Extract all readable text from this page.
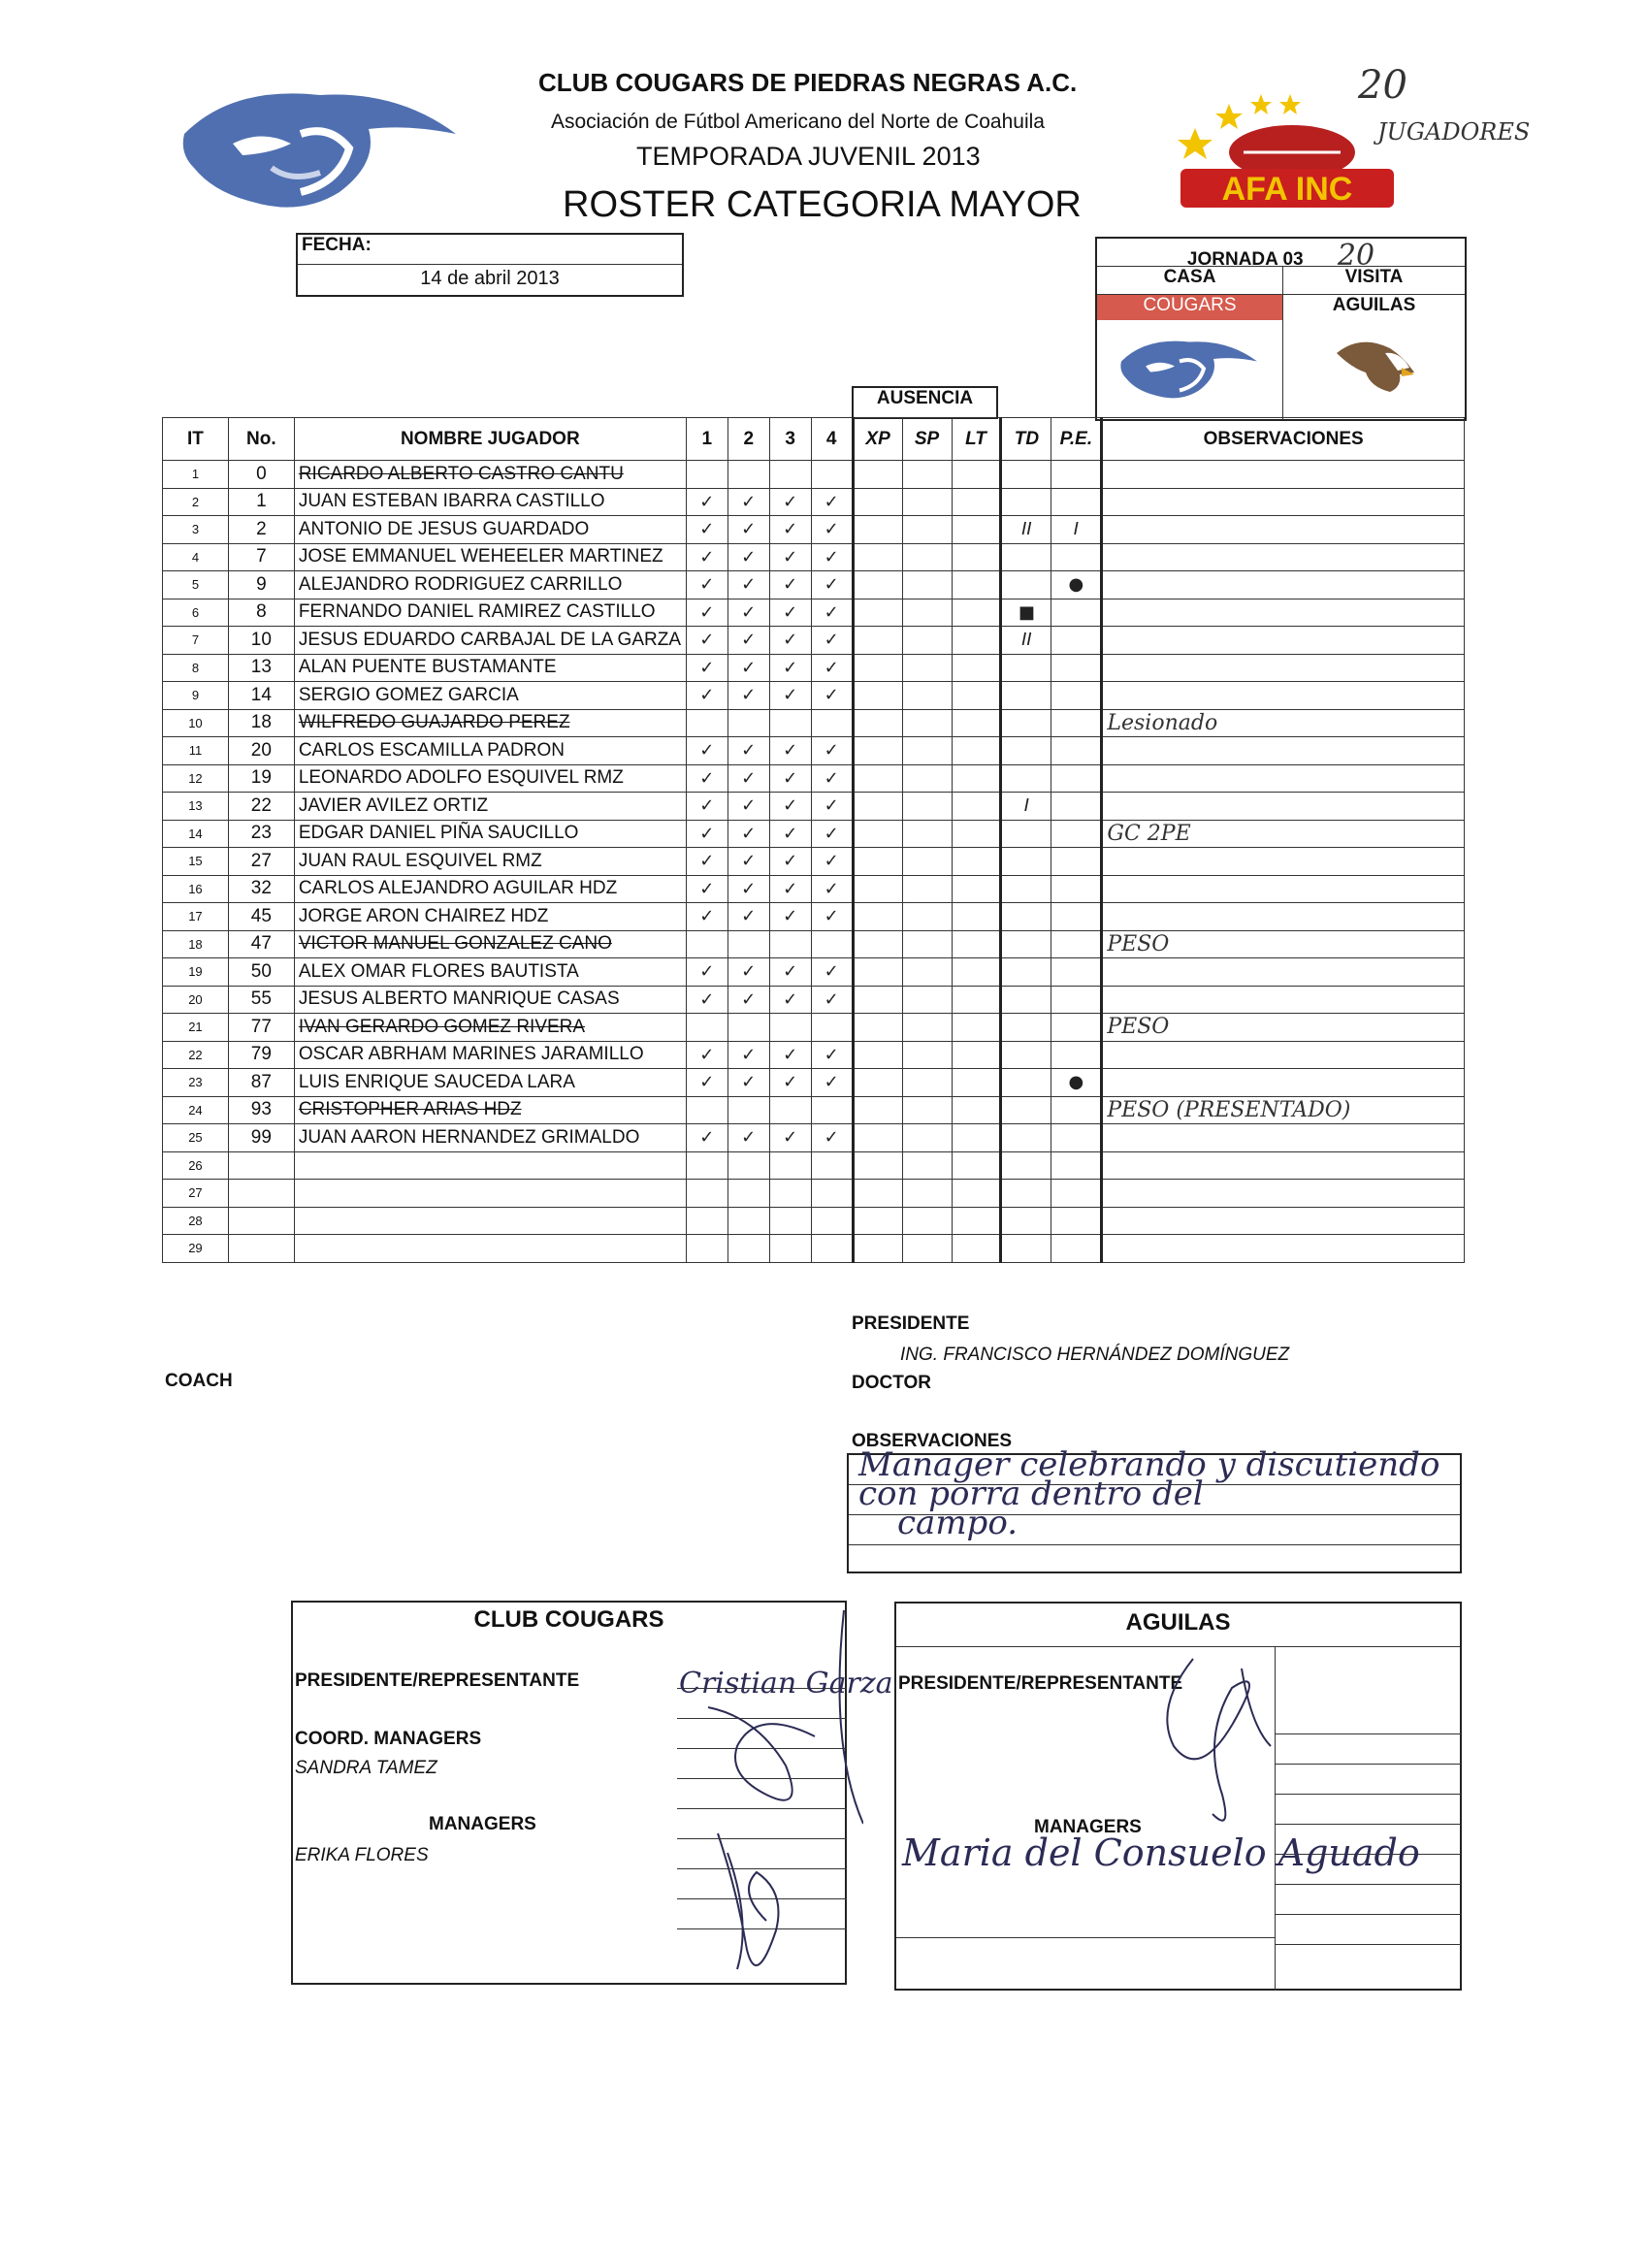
AFA INC
20
JUGADORES
CLUB COUGARS DE PIEDRAS NEGRAS A.C.
Asociación de Fútbol Americano del Norte de Coahuila
TEMPORADA JUVENIL 2013
ROSTER CATEGORIA MAYOR
FECHA:
14 de abril 2013
JORNADA 03 20
CASA	VISITA
COUGARS	AGUILAS
AUSENCIA
IT	No.	NOMBRE JUGADOR	1	2	3	4	XP	SP	LT	TD	P.E.	OBSERVACIONES
1	0	RICARDO ALBERTO CASTRO CANTU										
2	1	JUAN ESTEBAN IBARRA CASTILLO	✓	✓	✓	✓						
3	2	ANTONIO DE JESUS GUARDADO	✓	✓	✓	✓				II	I	
4	7	JOSE EMMANUEL WEHEELER MARTINEZ	✓	✓	✓	✓						
5	9	ALEJANDRO RODRIGUEZ CARRILLO	✓	✓	✓	✓					●	
6	8	FERNANDO DANIEL RAMIREZ CASTILLO	✓	✓	✓	✓				■		
7	10	JESUS EDUARDO CARBAJAL DE LA GARZA	✓	✓	✓	✓				II		
8	13	ALAN PUENTE BUSTAMANTE	✓	✓	✓	✓						
9	14	SERGIO GOMEZ GARCIA	✓	✓	✓	✓						
10	18	WILFREDO GUAJARDO PEREZ										Lesionado
11	20	CARLOS ESCAMILLA PADRON	✓	✓	✓	✓						
12	19	LEONARDO ADOLFO ESQUIVEL RMZ	✓	✓	✓	✓						
13	22	JAVIER AVILEZ ORTIZ	✓	✓	✓	✓				I		
14	23	EDGAR DANIEL PIÑA SAUCILLO	✓	✓	✓	✓						GC 2PE
15	27	JUAN RAUL ESQUIVEL RMZ	✓	✓	✓	✓						
16	32	CARLOS ALEJANDRO AGUILAR HDZ	✓	✓	✓	✓						
17	45	JORGE ARON CHAIREZ HDZ	✓	✓	✓	✓						
18	47	VICTOR MANUEL GONZALEZ CANO										PESO
19	50	ALEX OMAR FLORES BAUTISTA	✓	✓	✓	✓						
20	55	JESUS ALBERTO MANRIQUE CASAS	✓	✓	✓	✓						
21	77	IVAN GERARDO GOMEZ RIVERA										PESO
22	79	OSCAR ABRHAM MARINES JARAMILLO	✓	✓	✓	✓						
23	87	LUIS ENRIQUE SAUCEDA LARA	✓	✓	✓	✓					●	
24	93	CRISTOPHER ARIAS HDZ										PESO (PRESENTADO)
25	99	JUAN AARON HERNANDEZ GRIMALDO	✓	✓	✓	✓						
26												
27												
28												
29												
PRESIDENTE
ING. FRANCISCO HERNÁNDEZ DOMÍNGUEZ
COACH	DOCTOR
OBSERVACIONES
Manager celebrando y discutiendo
con porra dentro del
campo.
CLUB COUGARS
PRESIDENTE/REPRESENTANTE
COORD. MANAGERS
SANDRA TAMEZ
MANAGERS
ERIKA FLORES
Cristian Garza
AGUILAS
PRESIDENTE/REPRESENTANTE
MANAGERS
Maria del Consuelo Aguado
